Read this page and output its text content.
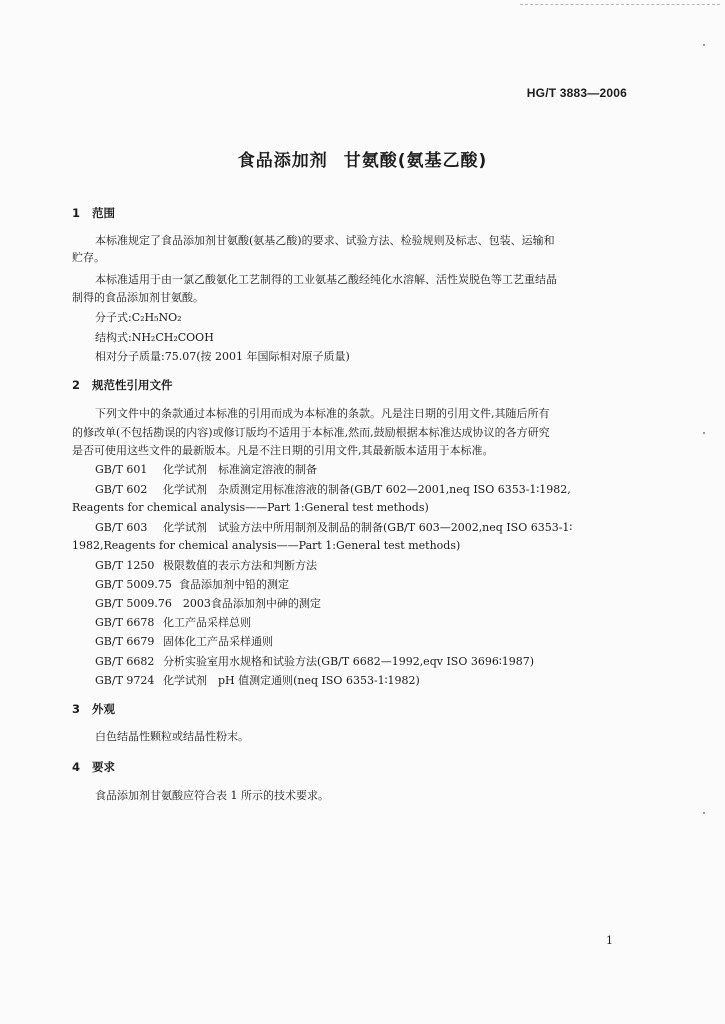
HG/T 3883—2006
食品添加剂 甘氨酸(氨基乙酸)
1 范围
本标准规定了食品添加剂甘氨酸(氨基乙酸)的要求、试验方法、检验规则及标志、包装、运输和
贮存。
本标准适用于由一氯乙酸氨化工艺制得的工业氨基乙酸经纯化水溶解、活性炭脱色等工艺重结晶
制得的食品添加剂甘氨酸。
分子式:C₂H₅NO₂
结构式:NH₂CH₂COOH
相对分子质量:75.07(按 2001 年国际相对原子质量)
2 规范性引用文件
下列文件中的条款通过本标准的引用而成为本标准的条款。凡是注日期的引用文件,其随后所有
的修改单(不包括勘误的内容)或修订版均不适用于本标准,然而,鼓励根据本标准达成协议的各方研究
是否可使用这些文件的最新版本。凡是不注日期的引用文件,其最新版本适用于本标准。
GB/T 601 化学试剂　标准滴定溶液的制备
GB/T 602 化学试剂　杂质测定用标准溶液的制备(GB/T 602—2001,neq ISO 6353-1∶1982,
Reagents for chemical analysis——Part 1:General test methods)
GB/T 603 化学试剂　试验方法中所用制剂及制品的制备(GB/T 603—2002,neq ISO 6353-1∶
1982,Reagents for chemical analysis——Part 1:General test methods)
GB/T 1250 极限数值的表示方法和判断方法
GB/T 5009.75 食品添加剂中铅的测定
GB/T 5009.76　2003食品添加剂中砷的测定
GB/T 6678 化工产品采样总则
GB/T 6679 固体化工产品采样通则
GB/T 6682 分析实验室用水规格和试验方法(GB/T 6682—1992,eqv ISO 3696∶1987)
GB/T 9724 化学试剂　pH 值测定通则(neq ISO 6353-1∶1982)
3 外观
白色结晶性颗粒或结晶性粉末。
4 要求
食品添加剂甘氨酸应符合表 1 所示的技术要求。
1
